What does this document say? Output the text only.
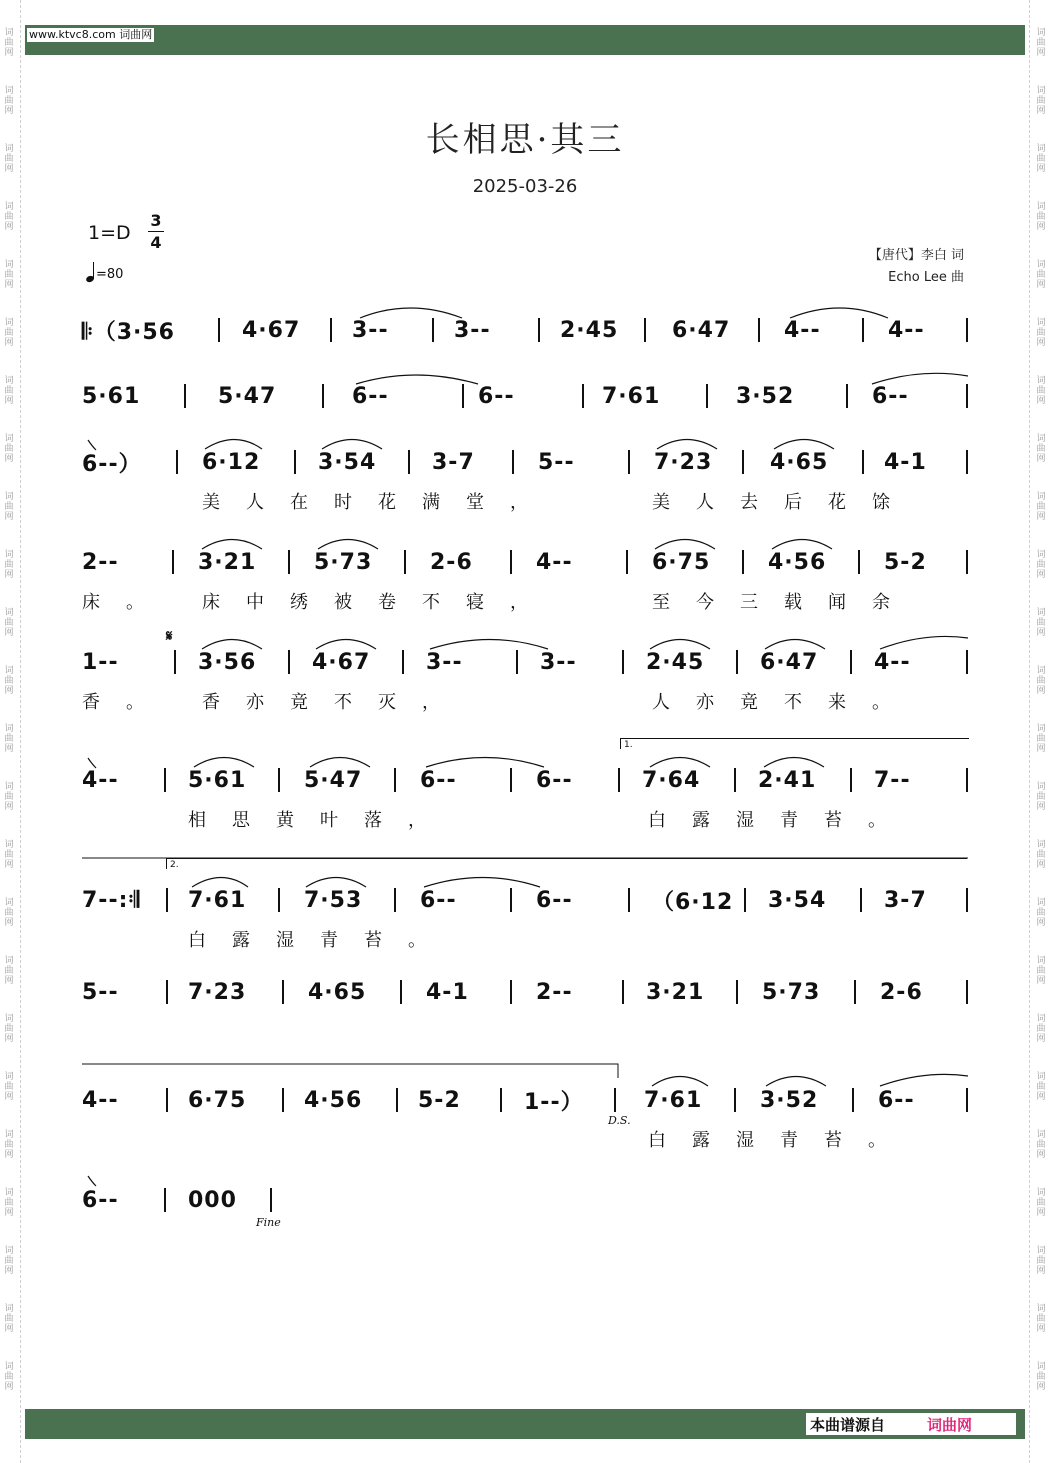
词曲网
词曲网
词曲网
词曲网
词曲网
词曲网
词曲网
词曲网
词曲网
词曲网
词曲网
词曲网
词曲网
词曲网
词曲网
词曲网
词曲网
词曲网
词曲网
词曲网
词曲网
词曲网
词曲网
词曲网
词曲网
词曲网
词曲网
词曲网
词曲网
词曲网
词曲网
词曲网
词曲网
词曲网
词曲网
词曲网
词曲网
词曲网
词曲网
词曲网
词曲网
词曲网
词曲网
词曲网
词曲网
词曲网
词曲网
词曲网
www.ktvc8.com 词曲网
长相思·其三
2025-03-26
1=D
3
4
=80
【唐代】李白 词
Echo Lee 曲
𝄆（3·56	4·67 3--	3--	2·45 6·47 4--	4--
5·61	5·47	6--	6--	7·61	3·52	6--
6--）	6·12	3·54	3-7	5--	7·23	4·65	4-1
美人在时花满堂，	美人去后花馀
2--	3·21	5·73	2-6	4--	6·75	4·56	5-2
床。 床中绣被卷不寝，	至今三载闻余
1--	3·56	4·67	3--	3--	2·45	6·47	4--
香。 香亦竟不灭，	人亦竟不来。
4--	5·61	5·47	6--	6--	7·64	2·41	7--
相思黄叶落，	白露湿青苔。
7--:𝄇 7·61	7·53	6--	6--	（6·12 3·54	3-7
白露湿青苔。
5--	7·23	4·65	4-1	2--	3·21	5·73	2-6
4--	6·75	4·56	5-2	1--）	7·61	3·52	6--
白露湿青苔。
6--	000
𝄋
D.S.
Fine
1.
2.
本曲谱源自	词曲网
